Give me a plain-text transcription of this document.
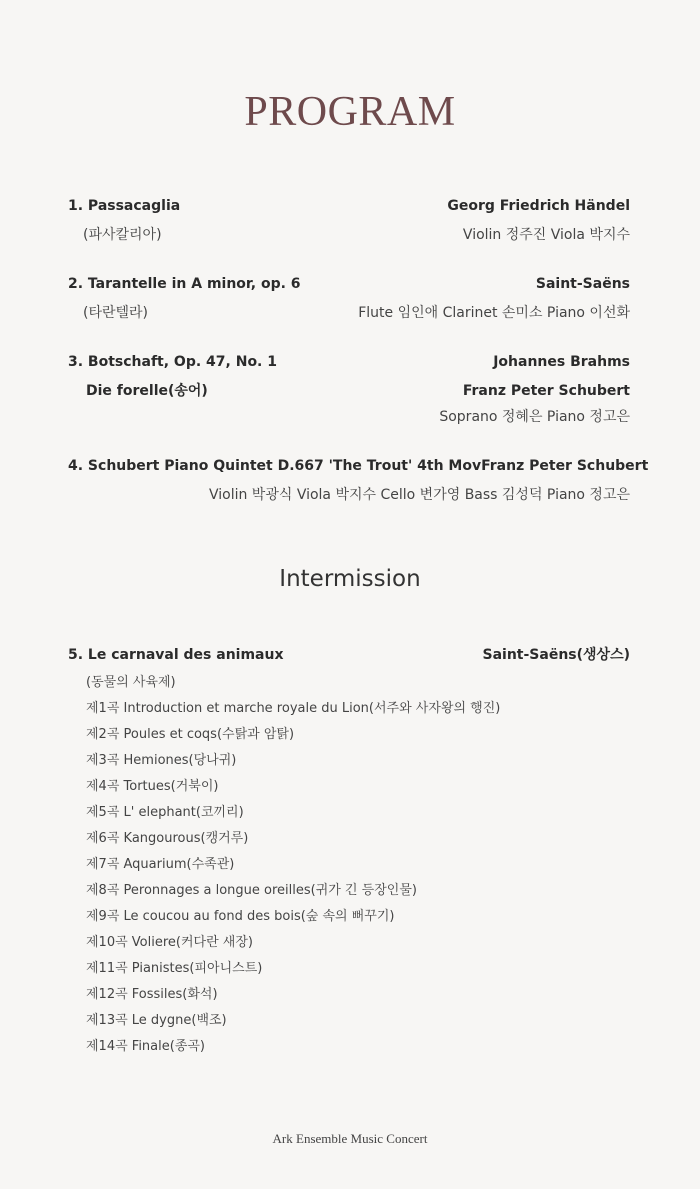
PROGRAM
1. Passacaglia	Georg Friedrich Händel
(파사칼리아)	Violin 정주진 Viola 박지수
2. Tarantelle in A minor, op. 6	Saint-Saëns
(타란텔라)	Flute 임인애 Clarinet 손미소 Piano 이선화
3. Botschaft, Op. 47, No. 1	Johannes Brahms
Die forelle(송어)	Franz Peter Schubert
Soprano 정혜은 Piano 정고은
4. Schubert Piano Quintet D.667 'The Trout' 4th Mov Franz Peter Schubert
Violin 박광식 Viola 박지수 Cello 변가영 Bass 김성덕 Piano 정고은
Intermission
5. Le carnaval des animaux	Saint-Saëns(생상스)
(동물의 사육제)
제1곡 Introduction et marche royale du Lion(서주와 사자왕의 행진)
제2곡 Poules et coqs(수탉과 암탉)
제3곡 Hemiones(당나귀)
제4곡 Tortues(거북이)
제5곡 L' elephant(코끼리)
제6곡 Kangourous(캥거루)
제7곡 Aquarium(수족관)
제8곡 Peronnages a longue oreilles(귀가 긴 등장인물)
제9곡 Le coucou au fond des bois(숲 속의 뻐꾸기)
제10곡 Voliere(커다란 새장)
제11곡 Pianistes(피아니스트)
제12곡 Fossiles(화석)
제13곡 Le dygne(백조)
제14곡 Finale(종곡)
Ark Ensemble Music Concert
